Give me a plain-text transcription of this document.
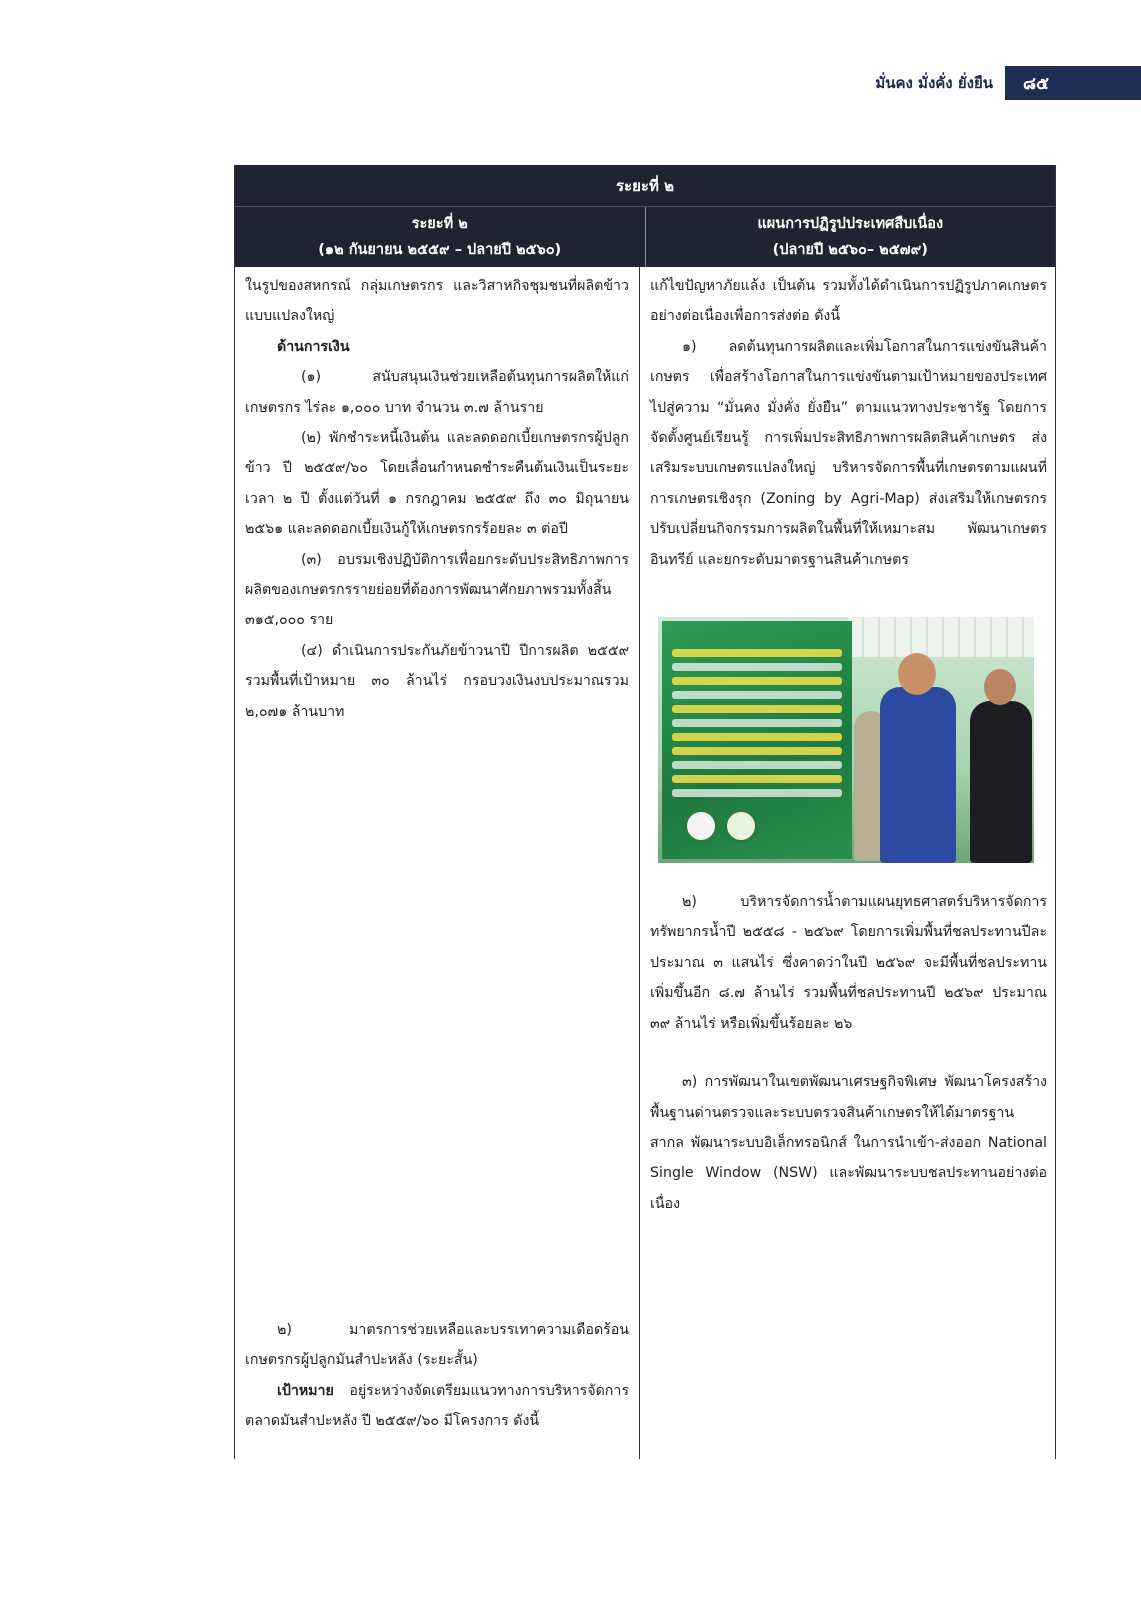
มั่นคง มั่งคั่ง ยั่งยืน	๘๕
ระยะที่ ๒
ระยะที่ ๒
(๑๒ กันยายน ๒๕๕๙ – ปลายปี ๒๕๖๐)
แผนการปฏิรูปประเทศสืบเนื่อง
(ปลายปี ๒๕๖๐– ๒๕๗๙)

ในรูปของสหกรณ์ กลุ่มเกษตรกร และวิสาหกิจชุมชนที่ผลิตข้าวแบบแปลงใหญ่

ด้านการเงิน

(๑) สนับสนุนเงินช่วยเหลือต้นทุนการผลิตให้แก่เกษตรกร ไร่ละ ๑,๐๐๐ บาท จำนวน ๓.๗ ล้านราย

(๒) พักชำระหนี้เงินต้น และลดดอกเบี้ยเกษตรกรผู้ปลูกข้าว ปี ๒๕๕๙/๖๐ โดยเลื่อนกำหนดชำระคืนต้นเงินเป็นระยะเวลา ๒ ปี ตั้งแต่วันที่ ๑ กรกฎาคม ๒๕๕๙ ถึง ๓๐ มิถุนายน ๒๕๖๑ และลดดอกเบี้ยเงินกู้ให้เกษตรกรร้อยละ ๓ ต่อปี

(๓) อบรมเชิงปฏิบัติการเพื่อยกระดับประสิทธิภาพการผลิตของเกษตรกรรายย่อยที่ต้องการพัฒนาศักยภาพรวมทั้งสิ้น ๓๑๕,๐๐๐ ราย

(๔) ดำเนินการประกันภัยข้าวนาปี ปีการผลิต ๒๕๕๙ รวมพื้นที่เป้าหมาย ๓๐ ล้านไร่ กรอบวงเงินงบประมาณรวม ๒,๐๗๑ ล้านบาท

๒) มาตรการช่วยเหลือและบรรเทาความเดือดร้อนเกษตรกรผู้ปลูกมันสำปะหลัง (ระยะสั้น)

เป้าหมาย อยู่ระหว่างจัดเตรียมแนวทางการบริหารจัดการตลาดมันสำปะหลัง ปี ๒๕๕๙/๖๐ มีโครงการ ดังนี้

แก้ไขปัญหาภัยแล้ง เป็นต้น รวมทั้งได้ดำเนินการปฏิรูปภาคเกษตรอย่างต่อเนื่องเพื่อการส่งต่อ ดังนี้

๑) ลดต้นทุนการผลิตและเพิ่มโอกาสในการแข่งขันสินค้าเกษตร เพื่อสร้างโอกาสในการแข่งขันตามเป้าหมายของประเทศไปสู่ความ “มั่นคง มั่งคั่ง ยั่งยืน” ตามแนวทางประชารัฐ โดยการจัดตั้งศูนย์เรียนรู้ การเพิ่มประสิทธิภาพการผลิตสินค้าเกษตร ส่งเสริมระบบเกษตรแปลงใหญ่ บริหารจัดการพื้นที่เกษตรตามแผนที่การเกษตรเชิงรุก (Zoning by Agri-Map) ส่งเสริมให้เกษตรกรปรับเปลี่ยนกิจกรรมการผลิตในพื้นที่ให้เหมาะสม พัฒนาเกษตรอินทรีย์ และยกระดับมาตรฐานสินค้าเกษตร

๒) บริหารจัดการน้ำตามแผนยุทธศาสตร์บริหารจัดการทรัพยากรน้ำปี ๒๕๕๘ - ๒๕๖๙ โดยการเพิ่มพื้นที่ชลประทานปีละประมาณ ๓ แสนไร่ ซึ่งคาดว่าในปี ๒๕๖๙ จะมีพื้นที่ชลประทานเพิ่มขึ้นอีก ๘.๗ ล้านไร่ รวมพื้นที่ชลประทานปี ๒๕๖๙ ประมาณ ๓๙ ล้านไร่ หรือเพิ่มขึ้นร้อยละ ๒๖

๓) การพัฒนาในเขตพัฒนาเศรษฐกิจพิเศษ พัฒนาโครงสร้างพื้นฐานด่านตรวจและระบบตรวจสินค้าเกษตรให้ได้มาตรฐานสากล พัฒนาระบบอิเล็กทรอนิกส์ ในการนำเข้า-ส่งออก National Single Window (NSW) และพัฒนาระบบชลประทานอย่างต่อเนื่อง
